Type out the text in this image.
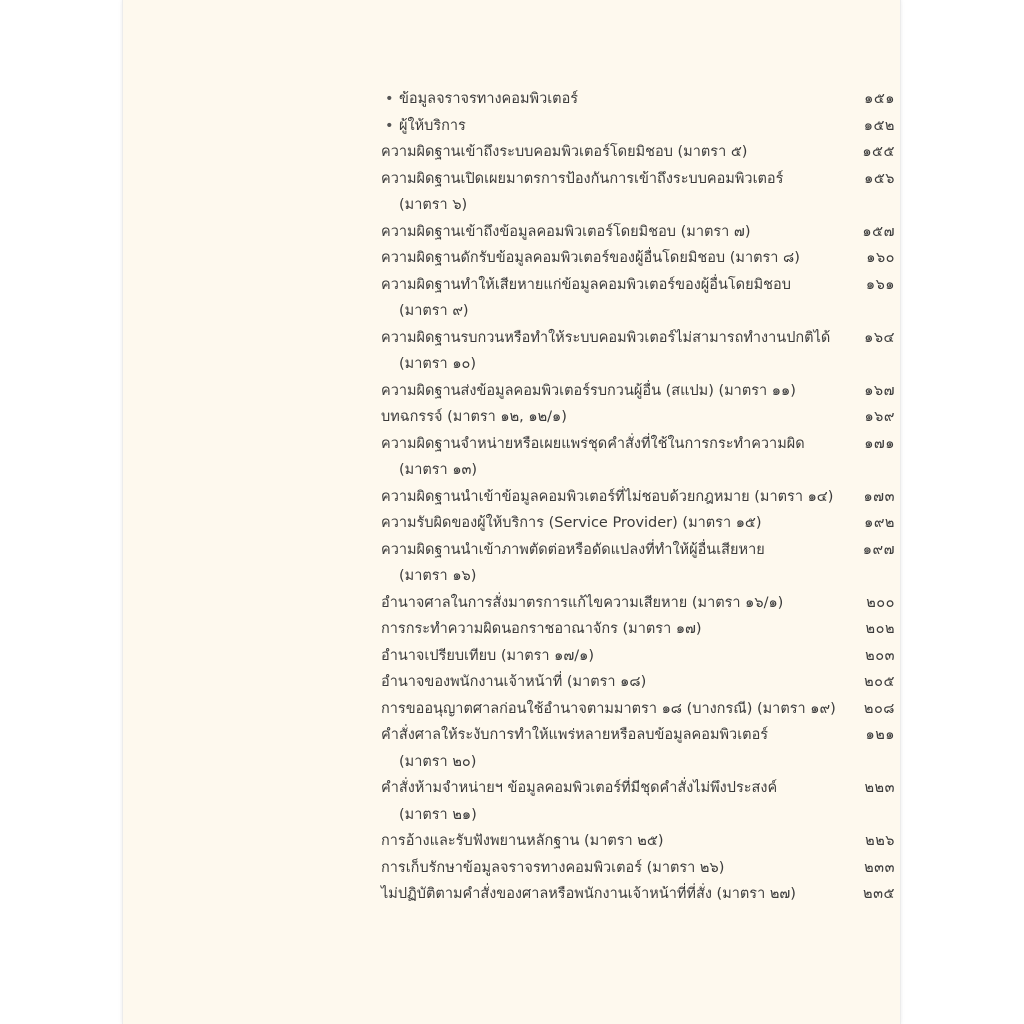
• ข้อมูลจราจรทางคอมพิวเตอร์	๑๕๑
• ผู้ให้บริการ	๑๕๒
ความผิดฐานเข้าถึงระบบคอมพิวเตอร์โดยมิชอบ (มาตรา ๕)	๑๕๕
ความผิดฐานเปิดเผยมาตรการป้องกันการเข้าถึงระบบคอมพิวเตอร์	๑๕๖
(มาตรา ๖)
ความผิดฐานเข้าถึงข้อมูลคอมพิวเตอร์โดยมิชอบ (มาตรา ๗)	๑๕๗
ความผิดฐานดักรับข้อมูลคอมพิวเตอร์ของผู้อื่นโดยมิชอบ (มาตรา ๘)	๑๖๐
ความผิดฐานทำให้เสียหายแก่ข้อมูลคอมพิวเตอร์ของผู้อื่นโดยมิชอบ	๑๖๑
(มาตรา ๙)
ความผิดฐานรบกวนหรือทำให้ระบบคอมพิวเตอร์ไม่สามารถทำงานปกติได้	๑๖๔
(มาตรา ๑๐)
ความผิดฐานส่งข้อมูลคอมพิวเตอร์รบกวนผู้อื่น (สแปม) (มาตรา ๑๑)	๑๖๗
บทฉกรรจ์ (มาตรา ๑๒, ๑๒/๑)	๑๖๙
ความผิดฐานจำหน่ายหรือเผยแพร่ชุดคำสั่งที่ใช้ในการกระทำความผิด	๑๗๑
(มาตรา ๑๓)
ความผิดฐานนำเข้าข้อมูลคอมพิวเตอร์ที่ไม่ชอบด้วยกฎหมาย (มาตรา ๑๔)	๑๗๓
ความรับผิดของผู้ให้บริการ (Service Provider) (มาตรา ๑๕)	๑๙๒
ความผิดฐานนำเข้าภาพตัดต่อหรือดัดแปลงที่ทำให้ผู้อื่นเสียหาย	๑๙๗
(มาตรา ๑๖)
อำนาจศาลในการสั่งมาตรการแก้ไขความเสียหาย (มาตรา ๑๖/๑)	๒๐๐
การกระทำความผิดนอกราชอาณาจักร (มาตรา ๑๗)	๒๐๒
อำนาจเปรียบเทียบ (มาตรา ๑๗/๑)	๒๐๓
อำนาจของพนักงานเจ้าหน้าที่ (มาตรา ๑๘)	๒๐๕
การขออนุญาตศาลก่อนใช้อำนาจตามมาตรา ๑๘ (บางกรณี) (มาตรา ๑๙)	๒๐๘
คำสั่งศาลให้ระงับการทำให้แพร่หลายหรือลบข้อมูลคอมพิวเตอร์	๑๒๑
(มาตรา ๒๐)
คำสั่งห้ามจำหน่ายฯ ข้อมูลคอมพิวเตอร์ที่มีชุดคำสั่งไม่พึงประสงค์	๒๒๓
(มาตรา ๒๑)
การอ้างและรับฟังพยานหลักฐาน (มาตรา ๒๕)	๒๒๖
การเก็บรักษาข้อมูลจราจรทางคอมพิวเตอร์ (มาตรา ๒๖)	๒๓๓
ไม่ปฏิบัติตามคำสั่งของศาลหรือพนักงานเจ้าหน้าที่ที่สั่ง (มาตรา ๒๗)	๒๓๕
